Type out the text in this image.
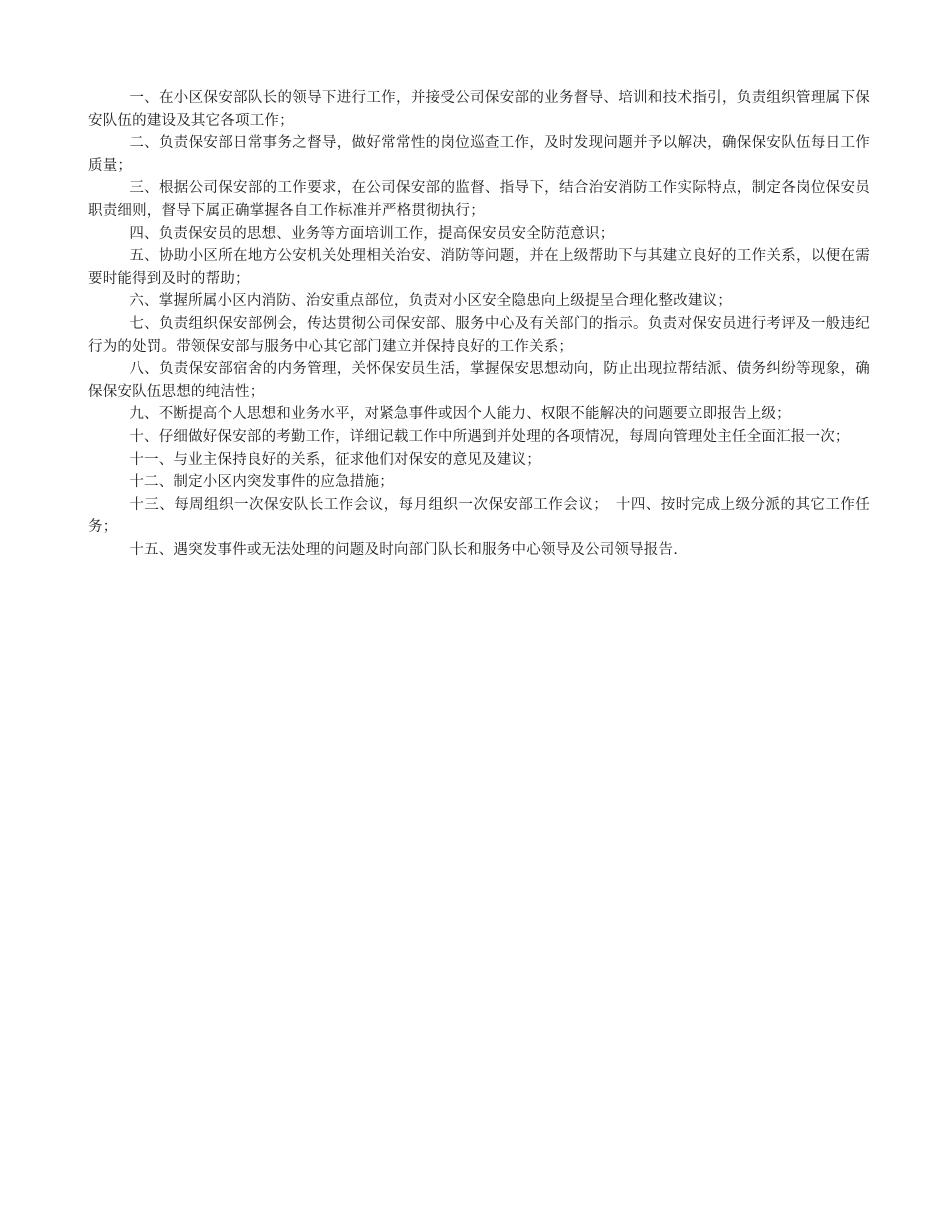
一、在小区保安部队长的领导下进行工作，并接受公司保安部的业务督导、培训和技术指引，负责组织管理属下保安队伍的建设及其它各项工作；

二、负责保安部日常事务之督导，做好常常性的岗位巡查工作，及时发现问题并予以解决，确保保安队伍每日工作质量；

三、根据公司保安部的工作要求，在公司保安部的监督、指导下，结合治安消防工作实际特点，制定各岗位保安员职责细则，督导下属正确掌握各自工作标准并严格贯彻执行；

四、负责保安员的思想、业务等方面培训工作，提高保安员安全防范意识；

五、协助小区所在地方公安机关处理相关治安、消防等问题，并在上级帮助下与其建立良好的工作关系，以便在需要时能得到及时的帮助；

六、掌握所属小区内消防、治安重点部位，负责对小区安全隐患向上级提呈合理化整改建议；

七、负责组织保安部例会，传达贯彻公司保安部、服务中心及有关部门的指示。负责对保安员进行考评及一般违纪行为的处罚。带领保安部与服务中心其它部门建立并保持良好的工作关系；

八、负责保安部宿舍的内务管理，关怀保安员生活，掌握保安思想动向，防止出现拉帮结派、债务纠纷等现象，确保保安队伍思想的纯洁性；

九、不断提高个人思想和业务水平，对紧急事件或因个人能力、权限不能解决的问题要立即报告上级；

十、仔细做好保安部的考勤工作，详细记载工作中所遇到并处理的各项情况，每周向管理处主任全面汇报一次；

十一、与业主保持良好的关系，征求他们对保安的意见及建议；

十二、制定小区内突发事件的应急措施；

十三、每周组织一次保安队长工作会议，每月组织一次保安部工作会议；　十四、按时完成上级分派的其它工作任务；

十五、遇突发事件或无法处理的问题及时向部门队长和服务中心领导及公司领导报告.
